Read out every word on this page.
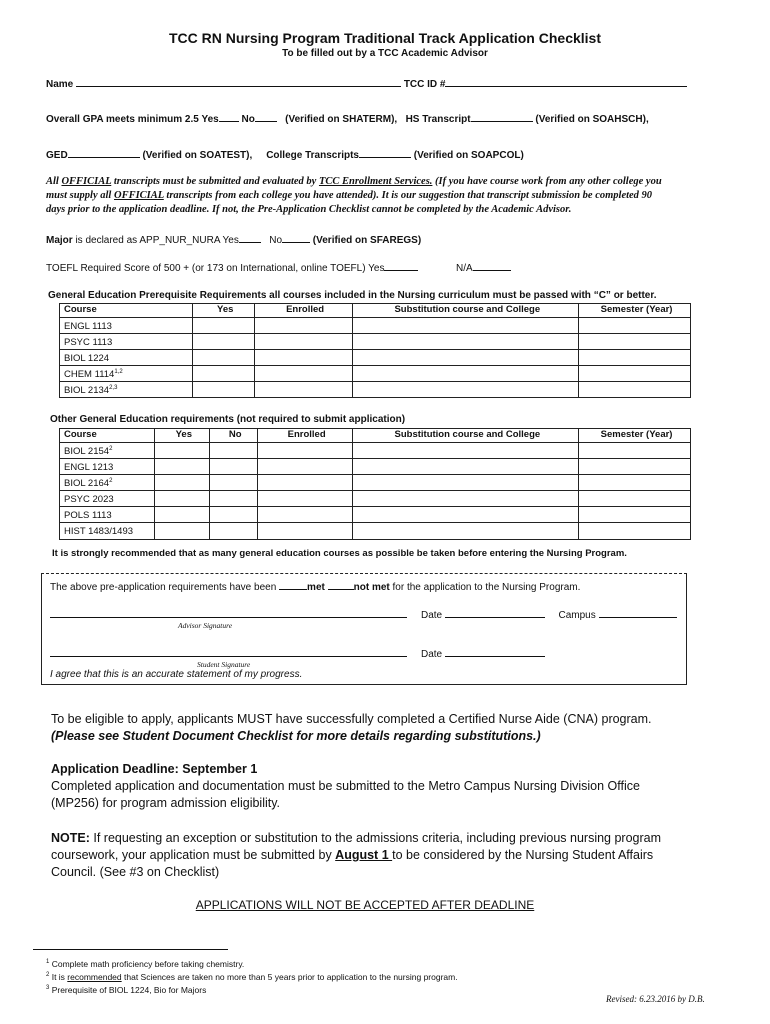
TCC RN Nursing Program Traditional Track Application Checklist
To be filled out by a TCC Academic Advisor
Name	TCC ID #
Overall GPA meets minimum 2.5 Yes No	(Verified on SHATERM), HS Transcript	(Verified on SOAHSCH),
GED	(Verified on SOATEST), College Transcripts	(Verified on SOAPCOL)
All OFFICIAL transcripts must be submitted and evaluated by TCC Enrollment Services. (If you have course work from any other college you
must supply all OFFICIAL transcripts from each college you have attended). It is our suggestion that transcript submission be completed 90
days prior to the application deadline. If not, the Pre-Application Checklist cannot be completed by the Academic Advisor.
Major is declared as APP_NUR_NURA Yes	No	(Verified on SFAREGS)
TOEFL Required Score of 500 + (or 173 on International, online TOEFL) Yes	N/A
General Education Prerequisite Requirements all courses included in the Nursing curriculum must be passed with “C” or better.
Course	Yes	Enrolled	Substitution course and College	Semester (Year)
ENGL 1113				
PSYC 1113				
BIOL 1224				
CHEM 1114$^{1,2}$				
BIOL 2134$^{2,3}$				
Other General Education requirements (not required to submit application)
Course	Yes	No	Enrolled	Substitution course and College	Semester (Year)
BIOL 2154$^2$					
ENGL 1213					
BIOL 2164$^2$					
PSYC 2023					
POLS 1113					
HIST 1483/1493					
It is strongly recommended that as many general education courses as possible be taken before entering the Nursing Program.
The above pre-application requirements have been	met	not met for the application to the Nursing Program.
Date	Campus
Advisor Signature
Date
Student Signature
I agree that this is an accurate statement of my progress.
To be eligible to apply, applicants MUST have successfully completed a Certified Nurse Aide (CNA) program.
(Please see Student Document Checklist for more details regarding substitutions.)
Application Deadline: September 1
Completed application and documentation must be submitted to the Metro Campus Nursing Division Office
(MP256) for program admission eligibility.
NOTE: If requesting an exception or substitution to the admissions criteria, including previous nursing program
coursework, your application must be submitted by August 1 to be considered by the Nursing Student Affairs
Council. (See #3 on Checklist)
APPLICATIONS WILL NOT BE ACCEPTED AFTER DEADLINE
$^1$ Complete math proficiency before taking chemistry.
$^2$ It is recommended that Sciences are taken no more than 5 years prior to application to the nursing program.
$^3$ Prerequisite of BIOL 1224, Bio for Majors
Revised: 6.23.2016 by D.B.
